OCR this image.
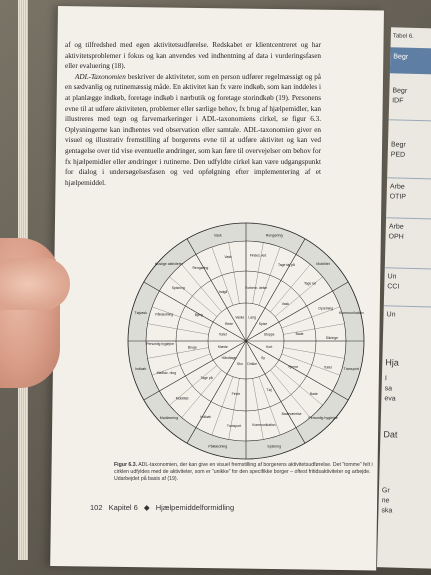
Tabel 6.
Begr
Begr
IDF
Begr
PED
Arbe
OTIP
Arbe
OPH
Un
CCI
Un
Hja
I
sa
eva
Dat
Gr
ne
ska

af og tilfredshed med egen aktivitetsudførelse. Redskabet er klientcentreret og har aktivitetsproblemer i fokus og kan anvendes ved indhentning af data i vurderingsfasen eller evaluering (18).

ADL-Taxonomien beskriver de aktiviteter, som en person udfører regelmæssigt og på en sædvanlig og rutinemæssig måde. En aktivitet kan fx være indkøb, som kan inddeles i at planlægge indkøb, foretage indkøb i nærbutik og foretage storindkøb (19). Personens evne til at udføre aktiviteten, problemer eller særlige behov, fx brug af hjælpemidler, kan illustreres med tegn og farvemarkeringer i ADL-taxonomiens cirkel, se figur 6.3. Oplysningerne kan indhentes ved observation eller samtale. ADL-taxonomien giver en visuel og illustrativ fremstilling af borgerens evne til at udføre aktivitet og kan ved gentagelse over tid vise eventuelle ændringer, som kan føre til overvejelser om behov for fx hjælpemidler eller ændringer i rutinerne. Den udfyldte cirkel kan være udgangspunkt for dialog i undersøgelsesfasen og ved opfølgning efter implementering af et hjælpemiddel.

Lang
Spise
Stoppe
Kort
Sy
Drikke
Sko
Håndtage
Klæde
Toilet
Rede
Vaske
Forbere- delse
Vask
Bade
Fjerne
Tøj
Finde
Tage på
Bruge
Bjerg
Indgå
Findes ved
Tage tøj på
Tage lat
Opretning
Sikringe
Toilet
Bade
Badeværelse
Kommunikation
Transport
Indkøb
Mobilitet
Madlav- ning
Personlig hygiejne
Påklædning
Spisning
Rengøring
Vask
Rengøring
Mobilitet
Kommunikation
Transport
Personlig hygiejne
Spisning
Påklædning
Madlavning
Indkøb
Tøjvask
Huslige aktiviteter
Vask
Figur 6.3. ADL-taxonomien, der kan give en visuel fremstilling af borgerens aktivitetsudførelse. Det ”tomme” felt i cirklen udfyldes med de aktiviteter, som er ”unikke” for den specifikke borger – oftest fritidsaktiviteter og arbejde. Udarbejdet på basis af (19).
102 Kapitel 6 ◆ Hjælpemiddelformidling
